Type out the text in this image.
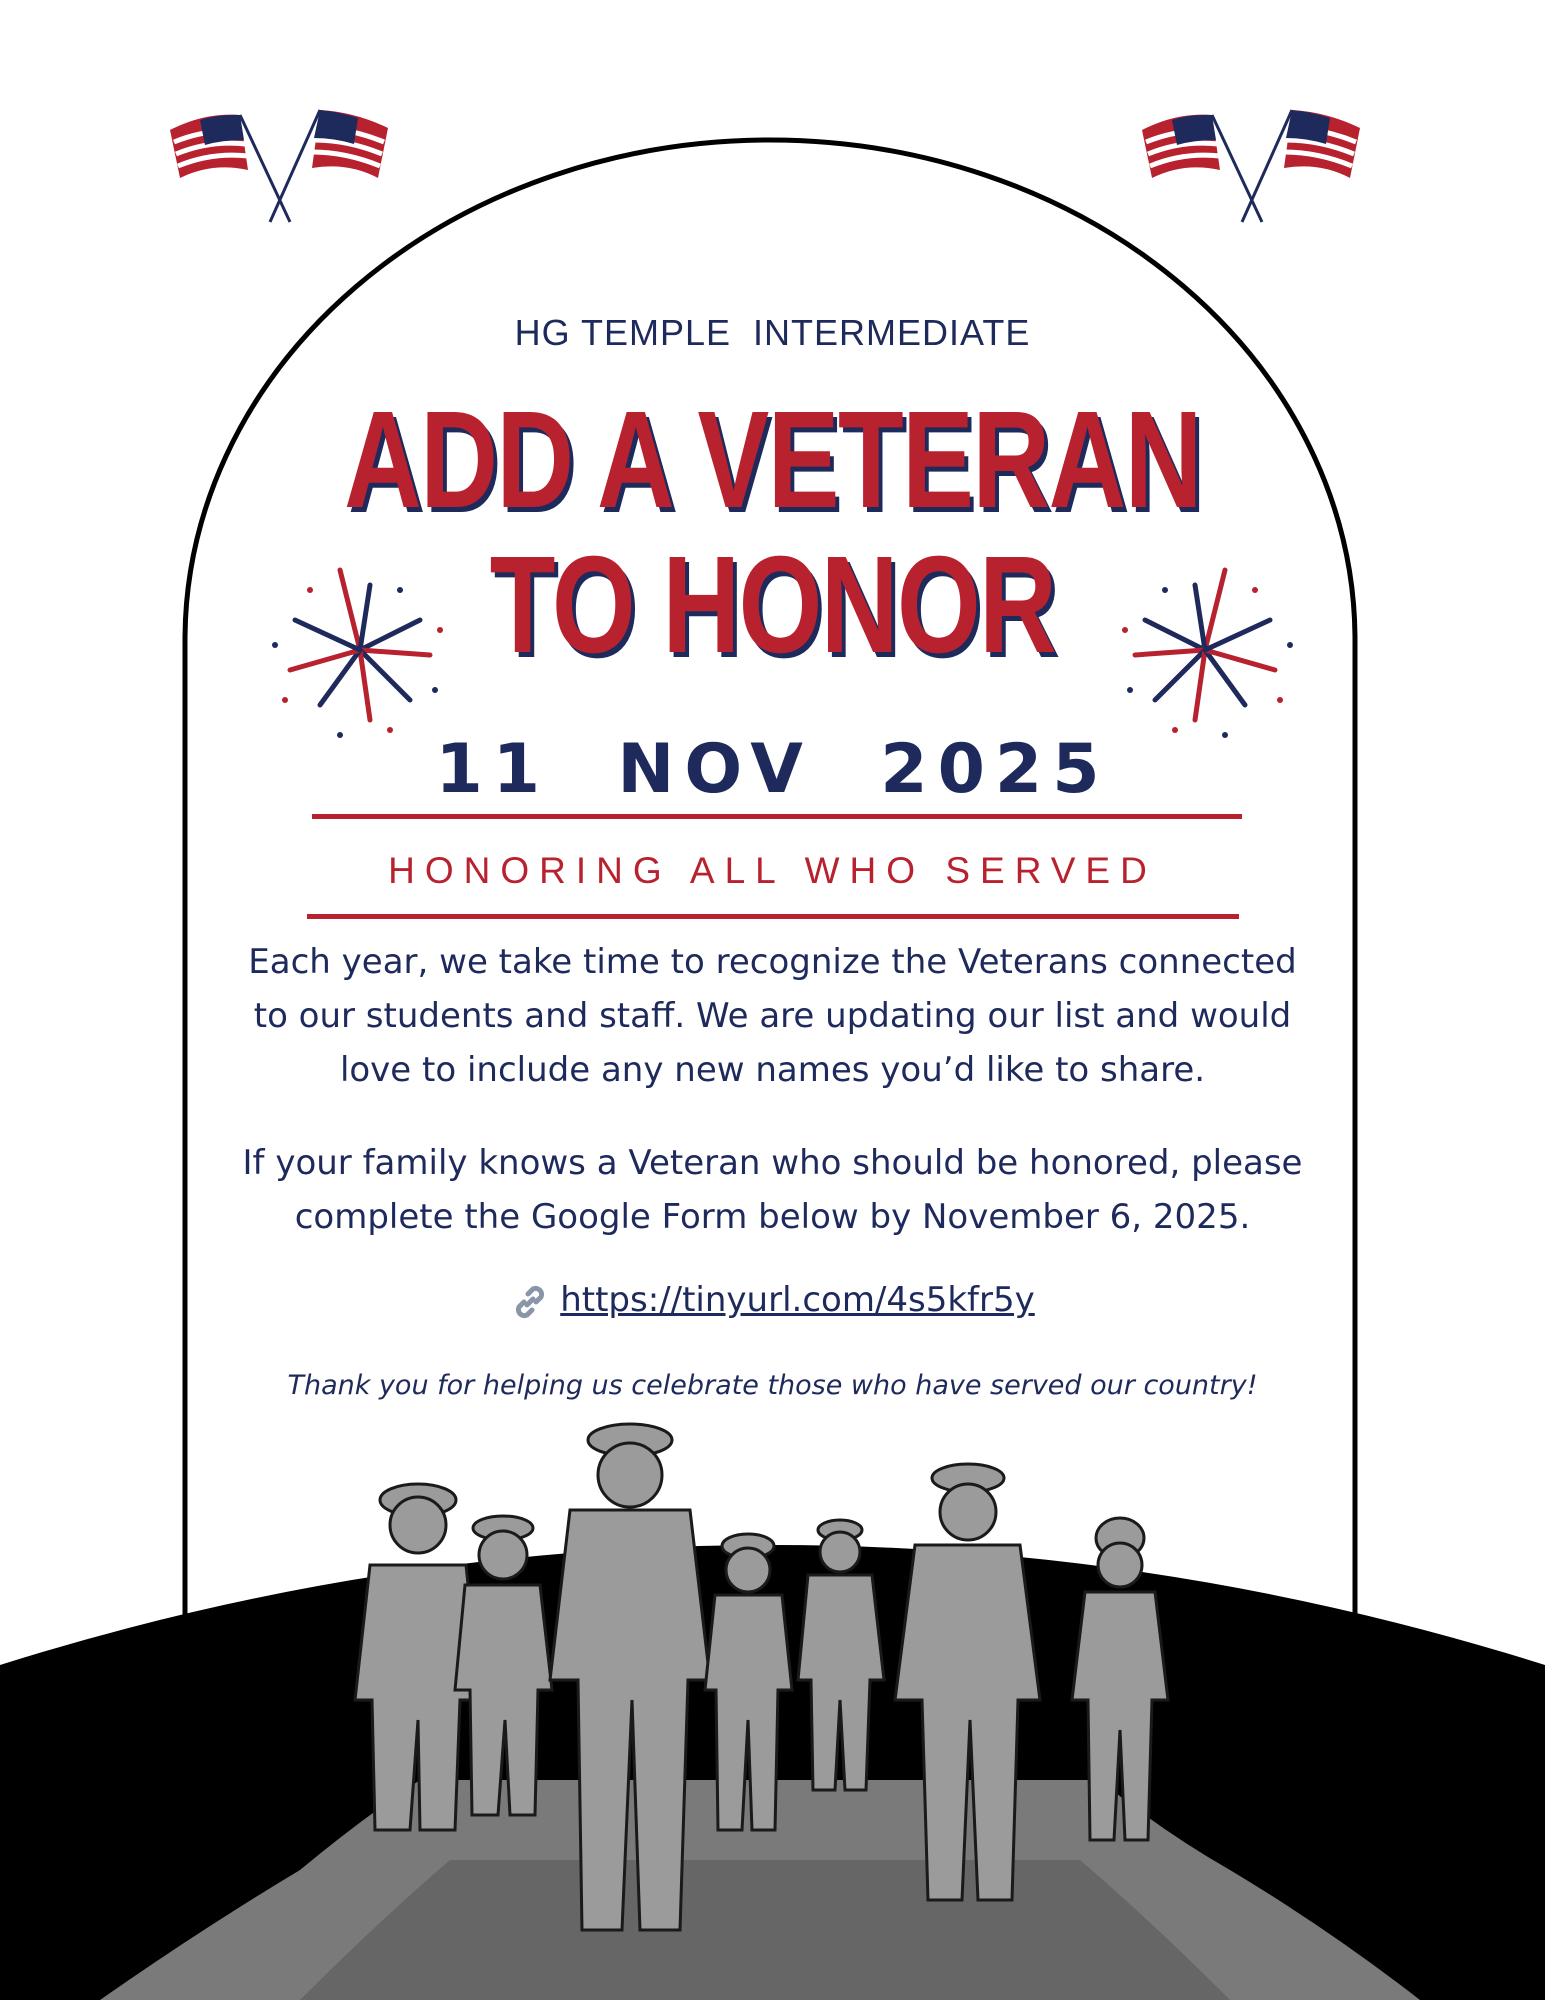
HG TEMPLE  INTERMEDIATE
ADD A VETERAN
TO HONOR
11  NOV  2025
HONORING ALL WHO SERVED
Each year, we take time to recognize the Veterans connected to our students and staff. We are updating our list and would love to include any new names you’d like to share.
If your family knows a Veteran who should be honored, please complete the Google Form below by November 6, 2025.
https://tinyurl.com/4s5kfr5y
Thank you for helping us celebrate those who have served our country!
